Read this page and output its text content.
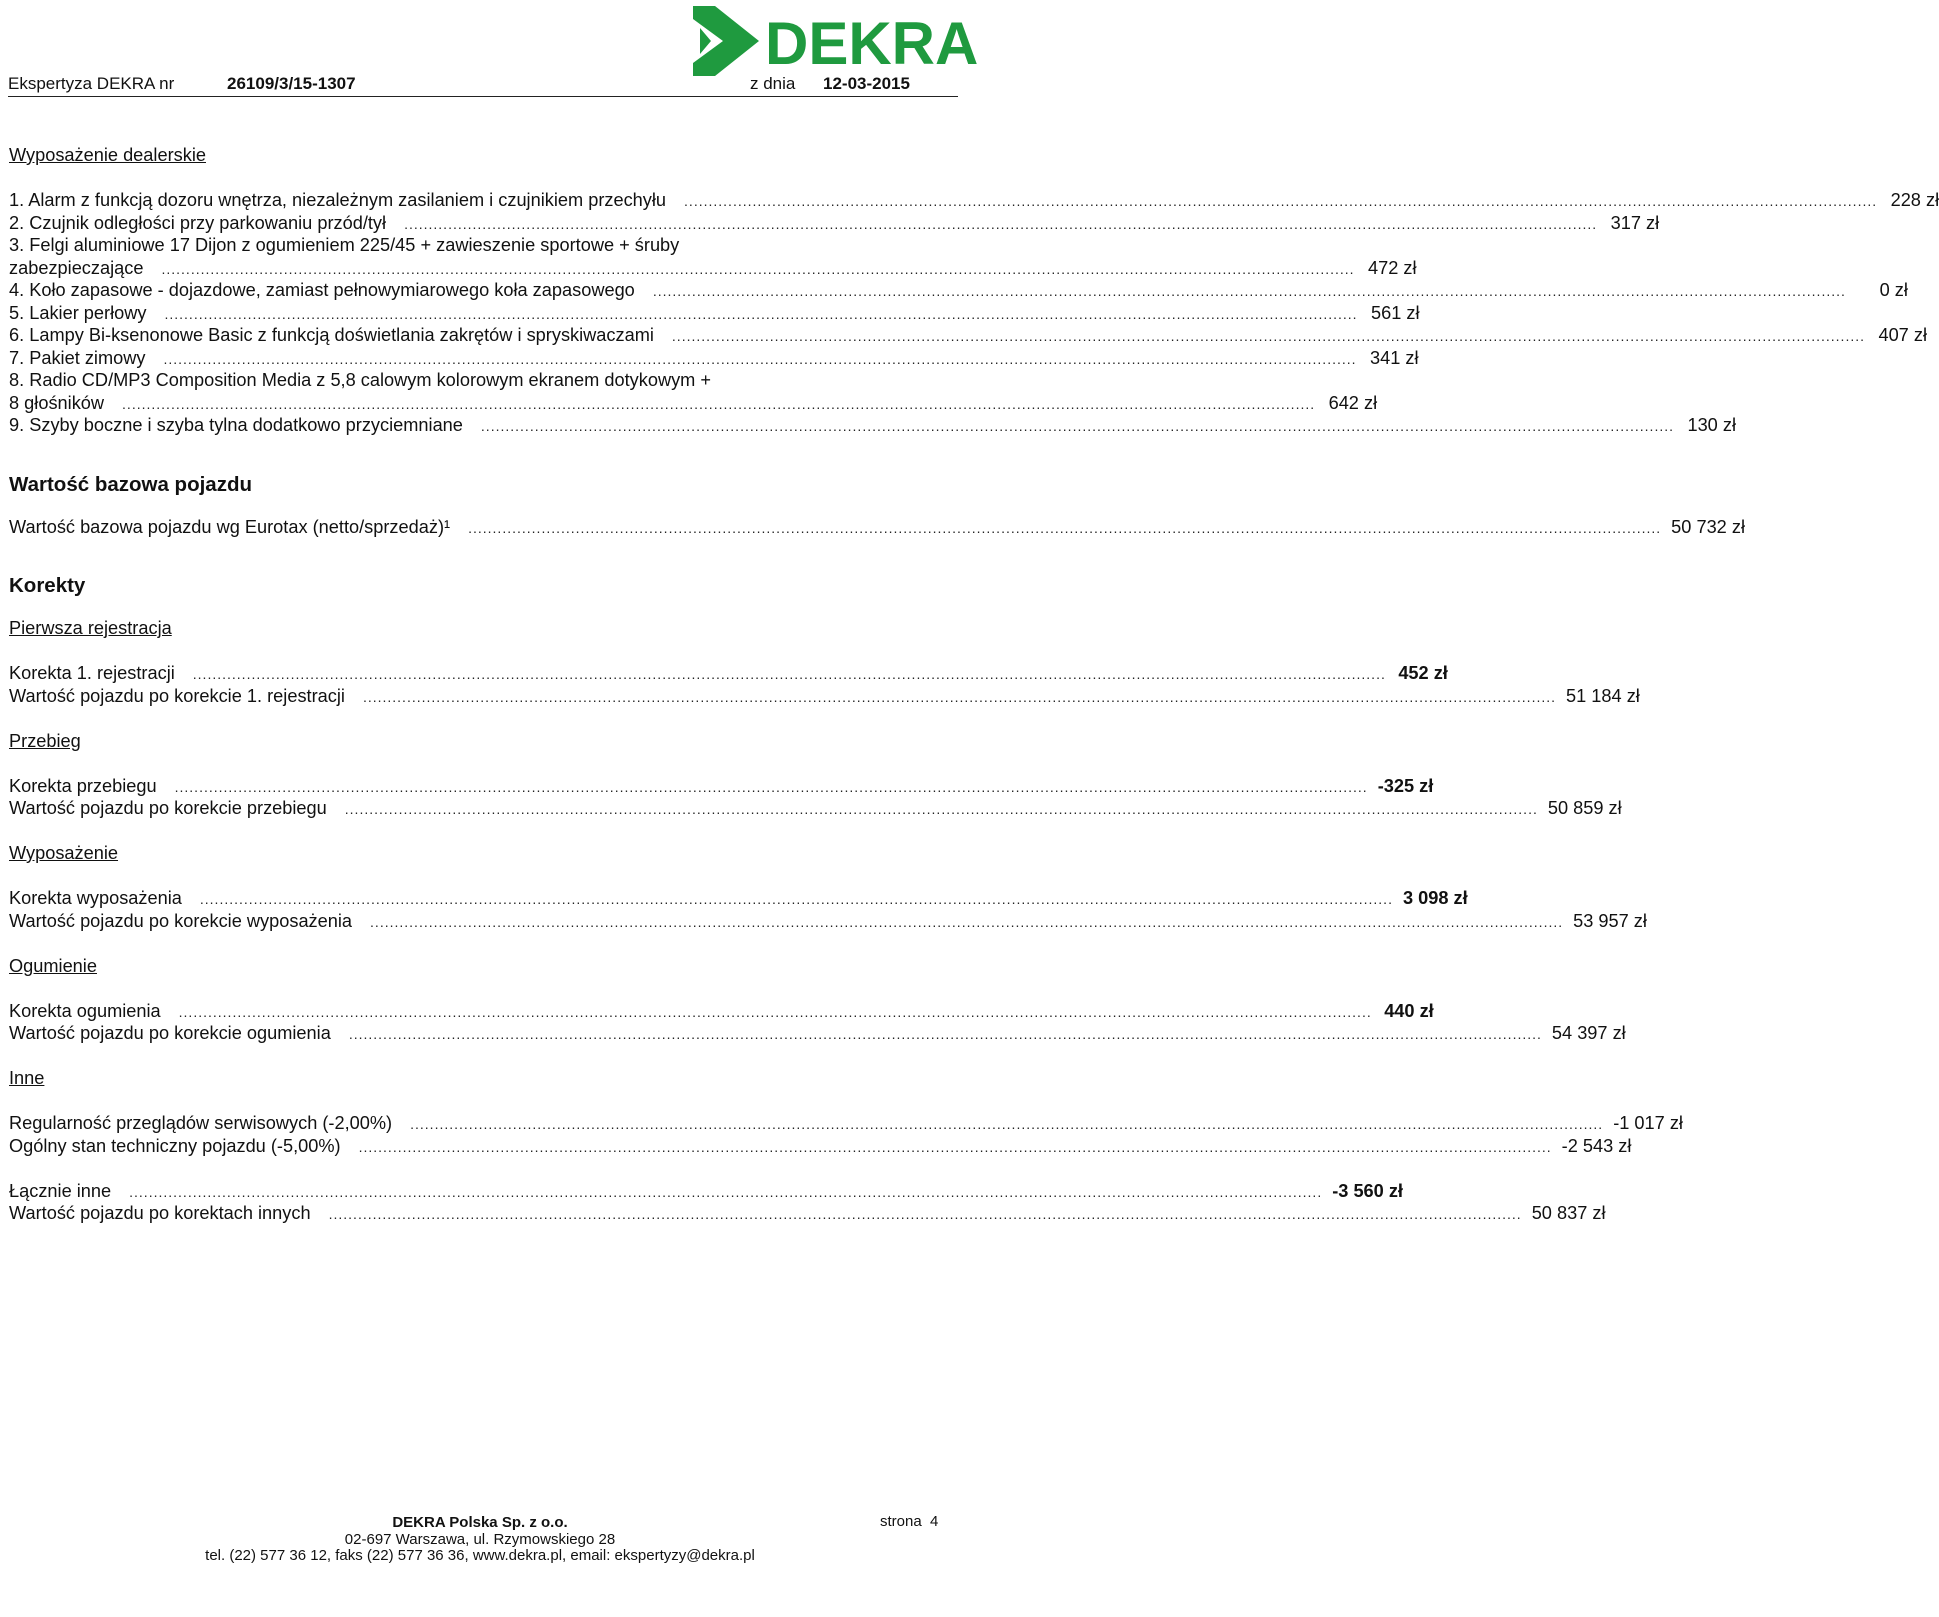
DEKRA
Ekspertyza DEKRA nr	26109/3/15-1307	z dnia 12-03-2015
Wyposażenie dealerskie
1. Alarm z funkcją dozoru wnętrza, niezależnym zasilaniem i czujnikiem przechyłu .....	228 zł
2. Czujnik odległości przy parkowaniu przód/tył .....	317 zł
3. Felgi aluminiowe 17 Dijon z ogumieniem 225/45 + zawieszenie sportowe + śruby
zabezpieczające .....	472 zł
4. Koło zapasowe - dojazdowe, zamiast pełnowymiarowego koła zapasowego .....	0 zł
5. Lakier perłowy .....	561 zł
6. Lampy Bi-ksenonowe Basic z funkcją doświetlania zakrętów i spryskiwaczami .....	407 zł
7. Pakiet zimowy .....	341 zł
8. Radio CD/MP3 Composition Media z 5,8 calowym kolorowym ekranem dotykowym +
8 głośników .....	642 zł
9. Szyby boczne i szyba tylna dodatkowo przyciemniane .....	130 zł
Wartość bazowa pojazdu
Wartość bazowa pojazdu wg Eurotax (netto/sprzedaż)¹ .....	50 732 zł
Korekty
Pierwsza rejestracja
Korekta 1. rejestracji .....	452 zł
Wartość pojazdu po korekcie 1. rejestracji .....	51 184 zł
Przebieg
Korekta przebiegu .....	-325 zł
Wartość pojazdu po korekcie przebiegu .....	50 859 zł
Wyposażenie
Korekta wyposażenia .....	3 098 zł
Wartość pojazdu po korekcie wyposażenia .....	53 957 zł
Ogumienie
Korekta ogumienia .....	440 zł
Wartość pojazdu po korekcie ogumienia .....	54 397 zł
Inne
Regularność przeglądów serwisowych (-2,00%) .....	-1 017 zł
Ogólny stan techniczny pojazdu (-5,00%) .....	-2 543 zł
Łącznie inne .....	-3 560 zł
Wartość pojazdu po korektach innych .....	50 837 zł
strona 4
DEKRA Polska Sp. z o.o.
02-697 Warszawa, ul. Rzymowskiego 28
tel. (22) 577 36 12, faks (22) 577 36 36, www.dekra.pl, email: ekspertyzy@dekra.pl
